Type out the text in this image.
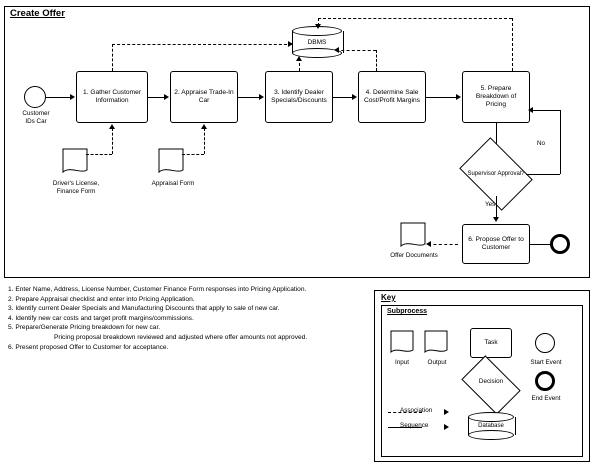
Create Offer
Customer
IDs Car
1. Gather Customer Information
2. Appraise Trade-In Car
3. Identify Dealer Specials/Discounts
4. Determine Sale Cost/Profit Margins
5. Prepare Breakdown of Pricing
6. Propose Offer to Customer
Supervisor Approval?
No
Yes
DBMS
Driver's License,
Finance Form
Appraisal Form
Offer Documents
1. Enter Name, Address, License Number, Customer Finance Form responses into Pricing Application.
2. Prepare Appraisal checklist and enter into Pricing Application.
3. Identify current Dealer Specials and Manufacturing Discounts that apply to sale of new car.
4. Identify new car costs and target profit margins/commissions.
5. Prepare/Generate Pricing breakdown for new car.
Pricing proposal breakdown reviewed and adjusted where offer amounts not approved.
6. Present proposed Offer to Customer for acceptance.
Key
Subprocess
Input	Output
Task
Start Event
Decision
End Event
Association
Sequence	Database
